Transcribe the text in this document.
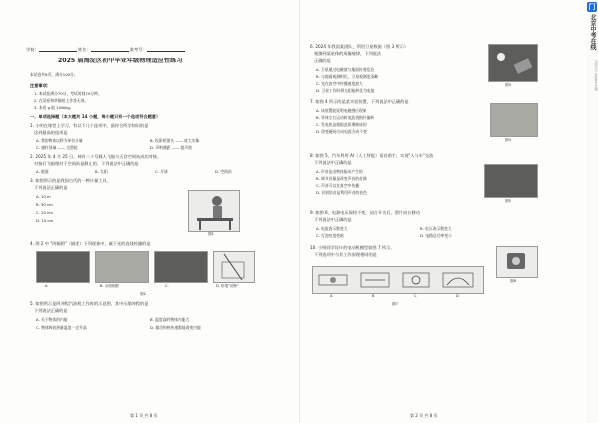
学校：	姓名：	准考号：
2025 届海淀区初中毕业年级物理适应性练习
本试卷共8页，满分100分。
注意事项：
1. 本试卷满分70分，考试时间70分钟。
2. 在试卷和草稿纸上作答无效。
3. 本卷 g 取 10N/kg。
一、单项选择题（本大题共 14 小题，每小题只有一个选项符合题意）
1. 小明在课堂上学习，有以下几个选项中，最符合所学知识的是
达到最高的选项是
A. 我的物体以秒为单位计量	B. 投影机镜头 —— 放大实像
C. 旗杆顶端 —— 定滑轮	D. 声呐测距 —— 超声波
2. 2025 年 4 月 25 日，神舟二十号载人飞船与天宫空间站成功对接。
对接后飞船相对于空间站是静止的，下列说法中正确的是
A. 地面	B. 太阳	C. 月球	D. 空间站
3. 如图所示的是我国古代的一种计量工具，
下列说法正确的是
A. 10 m
B. 50 cm
C. 20 cm
D. 10 cm
图1
4. 图 2 中 "四幅图"（描述）下列现象中，属于光的直线传播的是
A.	B. 水面倒影	C.	D. 铅笔"折断"
图2
5. 如图所示是四冲程汽油机工作时的示意图，其中压缩冲程的是
下列说法正确的是
A. 关于物体的内能	B. 温度高的物体内能大
C. 物体吸收热量温度一定升高	D. 做功和热传递都能改变内能
第 1 页 共 8 页
6. 2024 年我国某团队，利用卫星数据（图 3 所示）
观测到某星体的成像规律，下列说法
正确的是
A. 卫星通过电磁波与地面传递信息
B. 与地面观测相比，卫星观测更清晰
C. 光在真空中传播速度最大
D. 卫星工作时将太阳能转化为电能
图3
7. 如图 4 所示的是某实验装置，下列说法中正确的是
A. 该装置能说明电磁感应现象
B. 导体左右运动时电流表指针偏转
C. 发电机是根据此原理制成的
D. 改变磁场方向电流方向不变
图4
8. 如图 5，汽车利用 AI（人工智能）语音助手，实现"人与车"交流
下列说法中正确的是
A. 声音是由物体振动产生的
B. 调节音量是改变声音的音调
C. 声音可以在真空中传播
D. 识别语音是利用声音的音色
图5
9. 如图 6，电源电压保持不变，闭合开关后，滑片向右移动
下列说法中正确的是
A. 电流表示数变大	B. 电压表示数变大
C. 灯泡亮度变暗	D. 电路总功率变小
10. 小明同学设计的电动机模型如图 7 所示，
下列选项中与其工作原理相同的是
图8
A	B	C	D
图7
第 2 页 共 8 页
门
北京中考在线
扫码关注 获取更多试题
